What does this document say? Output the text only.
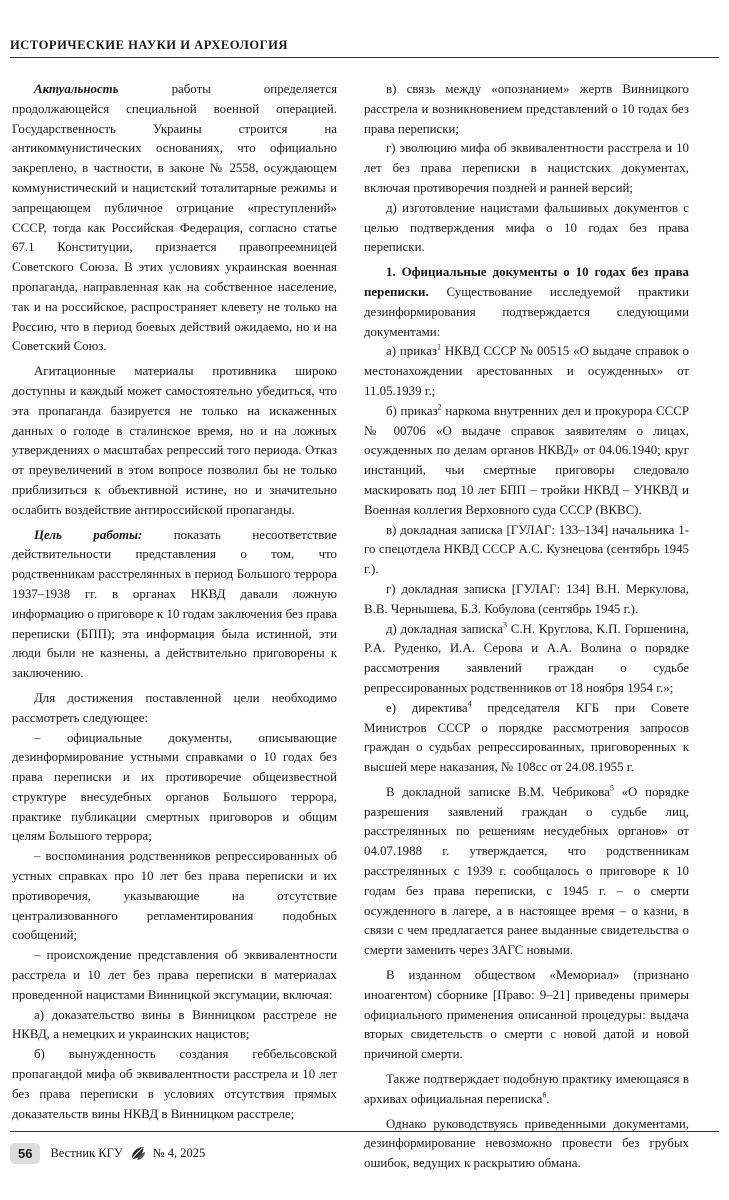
ИСТОРИЧЕСКИЕ НАУКИ И АРХЕОЛОГИЯ

Актуальность работы определяется продолжающейся специальной военной операцией. Государственность Украины строится на антикоммунистических основаниях, что официально закреплено, в частности, в законе № 2558, осуждающем коммунистический и нацистский тоталитарные режимы и запрещающем публичное отрицание «преступлений» СССР, тогда как Российская Федерация, согласно статье 67.1 Конституции, признается правопреемницей Советского Союза. В этих условиях украинская военная пропаганда, направленная как на собственное население, так и на российское, распространяет клевету не только на Россию, что в период боевых действий ожидаемо, но и на Советский Союз.

Агитационные материалы противника широко доступны и каждый может самостоятельно убедиться, что эта пропаганда базируется не только на искаженных данных о голоде в сталинское время, но и на ложных утверждениях о масштабах репрессий того периода. Отказ от преувеличений в этом вопросе позволил бы не только приблизиться к объективной истине, но и значительно ослабить воздействие антироссийской пропаганды.

Цель работы: показать несоответствие действительности представления о том, что родственникам расстрелянных в период Большого террора 1937–1938 гг. в органах НКВД давали ложную информацию о приговоре к 10 годам заключения без права переписки (БПП); эта информация была истинной, эти люди были не казнены, а действительно приговорены к заключению.

Для достижения поставленной цели необходимо рассмотреть следующее:

– официальные документы, описывающие дезинформирование устными справками о 10 годах без права переписки и их противоречие общеизвестной структуре внесудебных органов Большого террора, практике публикации смертных приговоров и общим целям Большого террора;

– воспоминания родственников репрессированных об устных справках про 10 лет без права переписки и их противоречия, указывающие на отсутствие централизованного регламентирования подобных сообщений;

– происхождение представления об эквивалентности расстрела и 10 лет без права переписки в материалах проведенной нацистами Винницкой эксгумации, включая:

а) доказательство вины в Винницком расстреле не НКВД, а немецких и украинских нацистов;

б) вынужденность создания геббельсовской пропагандой мифа об эквивалентности расстрела и 10 лет без права переписки в условиях отсутствия прямых доказательств вины НКВД в Винницком расстреле;

в) связь между «опознанием» жертв Винницкого расстрела и возникновением представлений о 10 годах без права переписки;

г) эволюцию мифа об эквивалентности расстрела и 10 лет без права переписки в нацистских документах, включая противоречия поздней и ранней версий;

д) изготовление нацистами фальшивых документов с целью подтверждения мифа о 10 годах без права переписки.

1. Официальные документы о 10 годах без права переписки. Существование исследуемой практики дезинформирования подтверждается следующими документами:

а) приказ$^1$ НКВД СССР № 00515 «О выдаче справок о местонахождении арестованных и осужденных» от 11.05.1939 г.;

б) приказ$^2$ наркома внутренних дел и прокурора СССР № 00706 «О выдаче справок заявителям о лицах, осужденных по делам органов НКВД» от 04.06.1940; круг инстанций, чьи смертные приговоры следовало маскировать под 10 лет БПП – тройки НКВД – УНКВД и Военная коллегия Верховного суда СССР (ВКВС).

в) докладная записка [ГУЛАГ: 133–134] начальника 1-го спецотдела НКВД СССР А.С. Кузнецова (сентябрь 1945 г.).

г) докладная записка [ГУЛАГ: 134] В.Н. Меркулова, В.В. Чернышева, Б.З. Кобулова (сентябрь 1945 г.).

д) докладная записка$^3$ С.Н. Круглова, К.П. Горшенина, Р.А. Руденко, И.А. Серова и А.А. Волина о порядке рассмотрения заявлений граждан о судьбе репрессированных родственников от 18 ноября 1954 г.»;

е) директива$^4$ председателя КГБ при Совете Министров СССР о порядке рассмотрения запросов граждан о судьбах репрессированных, приговоренных к высшей мере наказания, № 108сс от 24.08.1955 г.

В докладной записке В.М. Чебрикова$^5$ «О порядке разрешения заявлений граждан о судьбе лиц, расстрелянных по решениям несудебных органов» от 04.07.1988 г. утверждается, что родственникам расстрелянных с 1939 г. сообщалось о приговоре к 10 годам без права переписки, с 1945 г. – о смерти осужденного в лагере, а в настоящее время – о казни, в связи с чем предлагается ранее выданные свидетельства о смерти заменить через ЗАГС новыми.

В изданном обществом «Мемориал» (признано иноагентом) сборнике [Право: 9–21] приведены примеры официального применения описанной процедуры: выдача вторых свидетельств о смерти с новой датой и новой причиной смерти.

Также подтверждает подобную практику имеющаяся в архивах официальная переписка$^6$.

Однако руководствуясь приведенными документами, дезинформирование невозможно провести без грубых ошибок, ведущих к раскрытию обмана.

56	Вестник КГУ № 4, 2025
